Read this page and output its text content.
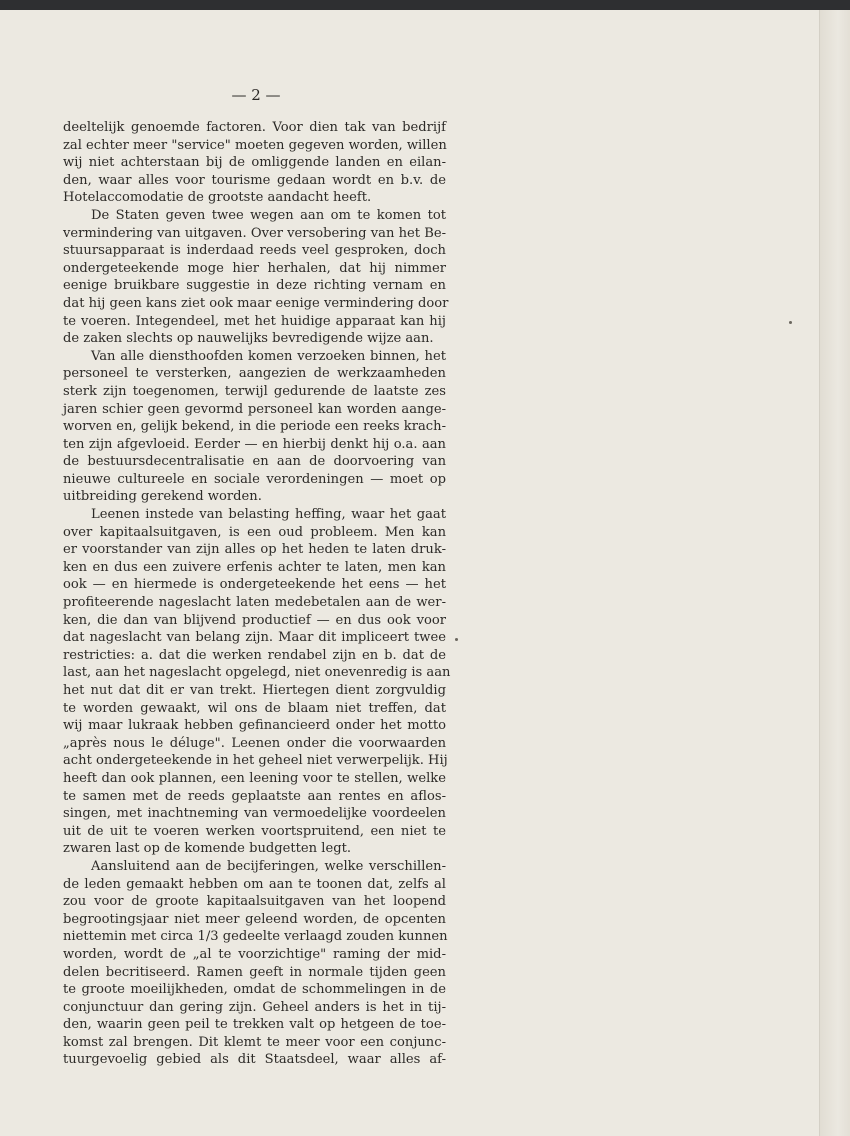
— 2 —
deeltelijk genoemde factoren. Voor dien tak van bedrijf
zal echter meer "service" moeten gegeven worden, willen
wij niet achterstaan bij de omliggende landen en eilan-
den, waar alles voor tourisme gedaan wordt en b.v. de
Hotelaccomodatie de grootste aandacht heeft.
De Staten geven twee wegen aan om te komen tot
vermindering van uitgaven. Over versobering van het Be-
stuursapparaat is inderdaad reeds veel gesproken, doch
ondergeteekende moge hier herhalen, dat hij nimmer
eenige bruikbare suggestie in deze richting vernam en
dat hij geen kans ziet ook maar eenige vermindering door
te voeren. Integendeel, met het huidige apparaat kan hij
de zaken slechts op nauwelijks bevredigende wijze aan.
Van alle diensthoofden komen verzoeken binnen, het
personeel te versterken, aangezien de werkzaamheden
sterk zijn toegenomen, terwijl gedurende de laatste zes
jaren schier geen gevormd personeel kan worden aange-
worven en, gelijk bekend, in die periode een reeks krach-
ten zijn afgevloeid. Eerder — en hierbij denkt hij o.a. aan
de bestuursdecentralisatie en aan de doorvoering van
nieuwe cultureele en sociale verordeningen — moet op
uitbreiding gerekend worden.
Leenen instede van belasting heffing, waar het gaat
over kapitaalsuitgaven, is een oud probleem. Men kan
er voorstander van zijn alles op het heden te laten druk-
ken en dus een zuivere erfenis achter te laten, men kan
ook — en hiermede is ondergeteekende het eens — het
profiteerende nageslacht laten medebetalen aan de wer-
ken, die dan van blijvend productief — en dus ook voor
dat nageslacht van belang zijn. Maar dit impliceert twee
restricties: a. dat die werken rendabel zijn en b. dat de
last, aan het nageslacht opgelegd, niet onevenredig is aan
het nut dat dit er van trekt. Hiertegen dient zorgvuldig
te worden gewaakt, wil ons de blaam niet treffen, dat
wij maar lukraak hebben gefinancieerd onder het motto
„après nous le déluge". Leenen onder die voorwaarden
acht ondergeteekende in het geheel niet verwerpelijk. Hij
heeft dan ook plannen, een leening voor te stellen, welke
te samen met de reeds geplaatste aan rentes en aflos-
singen, met inachtneming van vermoedelijke voordeelen
uit de uit te voeren werken voortspruitend, een niet te
zwaren last op de komende budgetten legt.
Aansluitend aan de becijferingen, welke verschillen-
de leden gemaakt hebben om aan te toonen dat, zelfs al
zou voor de groote kapitaalsuitgaven van het loopend
begrootingsjaar niet meer geleend worden, de opcenten
niettemin met circa 1/3 gedeelte verlaagd zouden kunnen
worden, wordt de „al te voorzichtige" raming der mid-
delen becritiseerd. Ramen geeft in normale tijden geen
te groote moeilijkheden, omdat de schommelingen in de
conjunctuur dan gering zijn. Geheel anders is het in tij-
den, waarin geen peil te trekken valt op hetgeen de toe-
komst zal brengen. Dit klemt te meer voor een conjunc-
tuurgevoelig gebied als dit Staatsdeel, waar alles af-
